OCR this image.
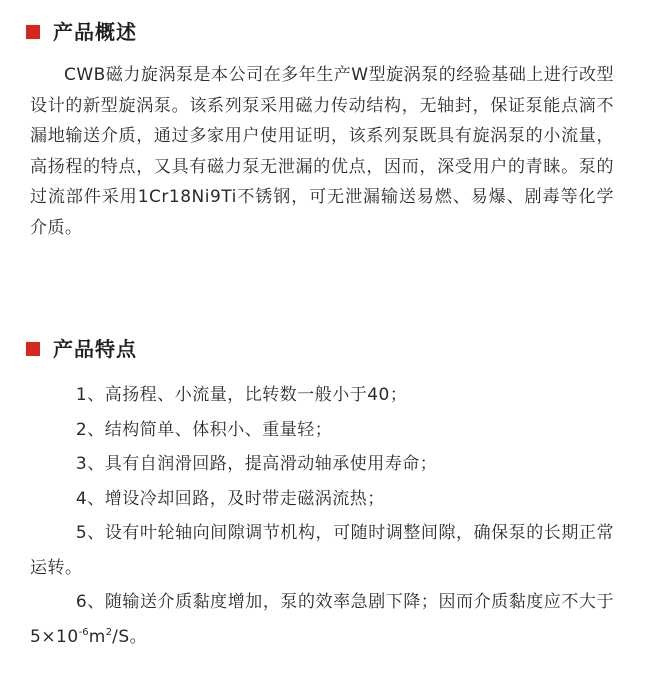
产品概述

CWB磁力旋涡泵是本公司在多年生产W型旋涡泵的经验基础上进行改型设计的新型旋涡泵。该系列泵采用磁力传动结构，无轴封，保证泵能点滴不漏地输送介质，通过多家用户使用证明，该系列泵既具有旋涡泵的小流量，高扬程的特点，又具有磁力泵无泄漏的优点，因而，深受用户的青睐。泵的过流部件采用1Cr18Ni9Ti不锈钢，可无泄漏输送易燃、易爆、剧毒等化学介质。

产品特点
1、高扬程、小流量，比转数一般小于40；
2、结构简单、体积小、重量轻；
3、具有自润滑回路，提高滑动轴承使用寿命；
4、增设冷却回路，及时带走磁涡流热；
5、设有叶轮轴向间隙调节机构，可随时调整间隙，确保泵的长期正常运转。
6、随输送介质黏度增加，泵的效率急剧下降；因而介质黏度应不大于$5\times 10^{-6}m^2/S$。
